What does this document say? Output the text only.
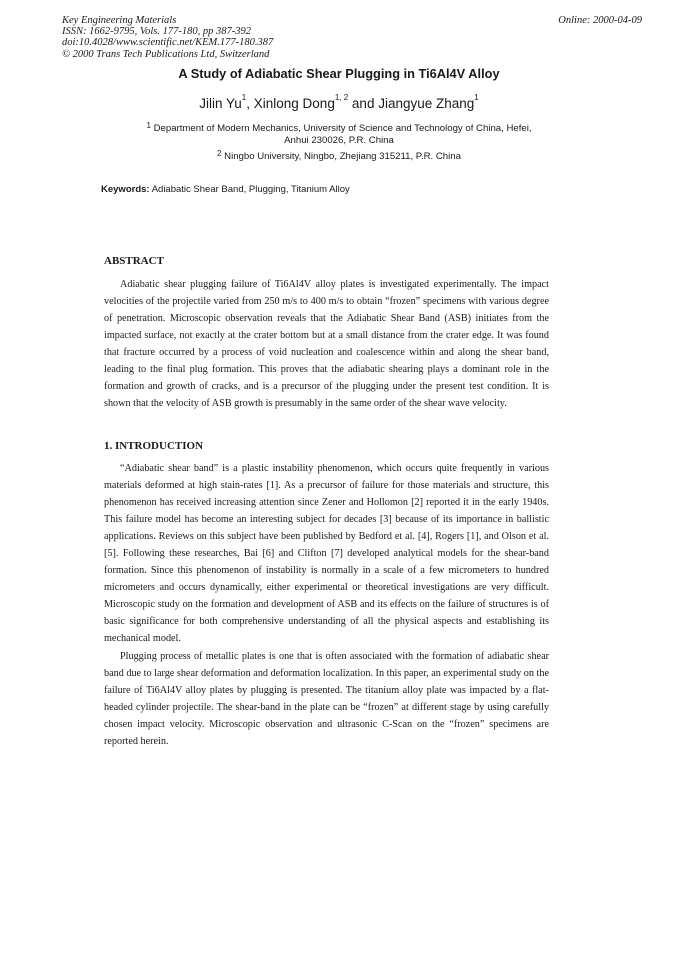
Key Engineering Materials
ISSN: 1662-9795, Vols. 177-180, pp 387-392
doi:10.4028/www.scientific.net/KEM.177-180.387
© 2000 Trans Tech Publications Ltd, Switzerland
Online: 2000-04-09
A Study of Adiabatic Shear Plugging in Ti6Al4V Alloy
Jilin Yu$^1$, Xinlong Dong$^{1, 2}$ and Jiangyue Zhang$^1$
$^1$ Department of Modern Mechanics, University of Science and Technology of China, Hefei,
Anhui 230026, P.R. China
$^2$ Ningbo University, Ningbo, Zhejiang 315211, P.R. China
Keywords: Adiabatic Shear Band, Plugging, Titanium Alloy
ABSTRACT

Adiabatic shear plugging failure of Ti6Al4V alloy plates is investigated experimentally. The impact velocities of the projectile varied from 250 m/s to 400 m/s to obtain “frozen” specimens with various degree of penetration. Microscopic observation reveals that the Adiabatic Shear Band (ASB) initiates from the impacted surface, not exactly at the crater bottom but at a small distance from the crater edge. It was found that fracture occurred by a process of void nucleation and coalescence within and along the shear band, leading to the final plug formation. This proves that the adiabatic shearing plays a dominant role in the formation and growth of cracks, and is a precursor of the plugging under the present test condition. It is shown that the velocity of ASB growth is presumably in the same order of the shear wave velocity.

1. INTRODUCTION

“Adiabatic shear band” is a plastic instability phenomenon, which occurs quite frequently in various materials deformed at high stain-rates [1]. As a precursor of failure for those materials and structure, this phenomenon has received increasing attention since Zener and Hollomon [2] reported it in the early 1940s. This failure model has become an interesting subject for decades [3] because of its importance in ballistic applications. Reviews on this subject have been published by Bedford et al. [4], Rogers [1], and Olson et al. [5]. Following these researches, Bai [6] and Clifton [7] developed analytical models for the shear-band formation. Since this phenomenon of instability is normally in a scale of a few micrometers to hundred micrometers and occurs dynamically, either experimental or theoretical investigations are very difficult. Microscopic study on the formation and development of ASB and its effects on the failure of structures is of basic significance for both comprehensive understanding of all the physical aspects and establishing its mechanical model.

Plugging process of metallic plates is one that is often associated with the formation of adiabatic shear band due to large shear deformation and deformation localization. In this paper, an experimental study on the failure of Ti6Al4V alloy plates by plugging is presented. The titanium alloy plate was impacted by a flat-headed cylinder projectile. The shear-band in the plate can be “frozen” at different stage by using carefully chosen impact velocity. Microscopic observation and ultrasonic C-Scan on the “frozen” specimens are reported herein.
